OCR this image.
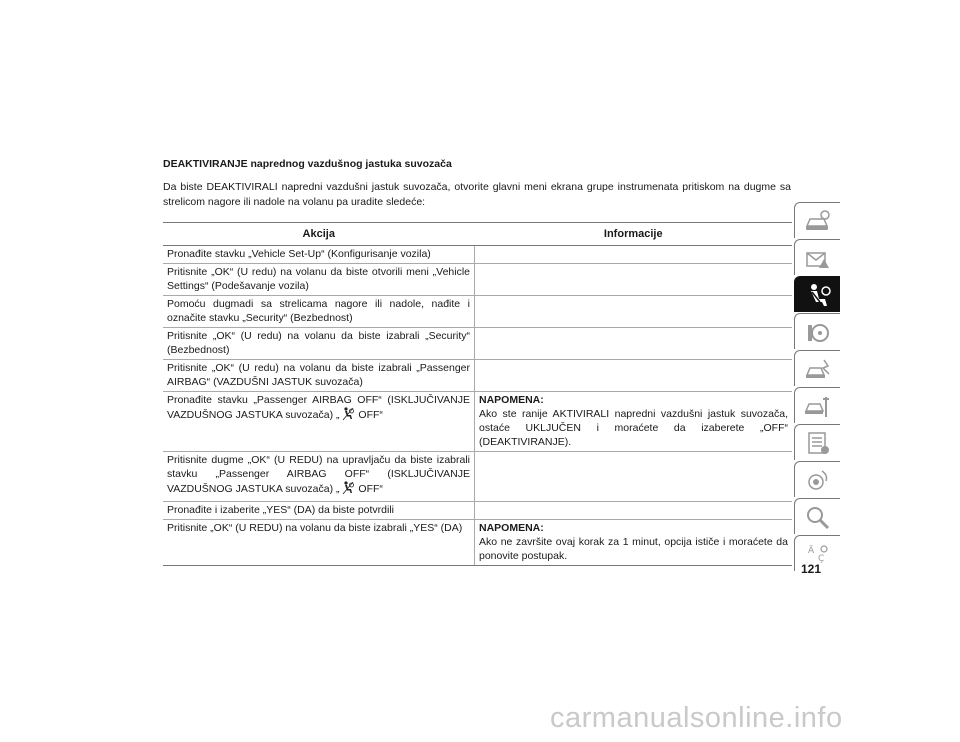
DEAKTIVIRANJE naprednog vazdušnog jastuka suvozača
Da biste DEAKTIVIRALI napredni vazdušni jastuk suvozača, otvorite glavni meni ekrana grupe instrumenata pritiskom na dugme sa strelicom nagore ili nadole na volanu pa uradite sledeće:
Akcija	Informacije
Pronađite stavku „Vehicle Set-Up“ (Konfigurisanje vozila)	
Pritisnite „OK“ (U redu) na volanu da biste otvorili meni „Vehicle Settings“ (Podešavanje vozila)	
Pomoću dugmadi sa strelicama nagore ili nadole, nađite i označite stavku „Security“ (Bezbednost)	
Pritisnite „OK“ (U redu) na volanu da biste izabrali „Security“ (Bezbednost)	
Pritisnite „OK“ (U redu) na volanu da biste izabrali „Passenger AIRBAG“ (VAZDUŠNI JASTUK suvozača)	
Pronađite stavku „Passenger AIRBAG OFF“ (ISKLJUČIVANJE VAZDUŠNOG JASTUKA suvozača) „ OFF“	NAPOMENA:
Ako ste ranije AKTIVIRALI napredni vazdušni jastuk suvozača, ostaće UKLJUČEN i moraćete da izaberete „OFF“ (DEAKTIVIRANJE).
Pritisnite dugme „OK“ (U REDU) na upravljaču da biste izabrali stavku „Passenger AIRBAG OFF“ (ISKLJUČIVANJE VAZDUŠNOG JASTUKA suvozača) „ OFF“	
Pronađite i izaberite „YES“ (DA) da biste potvrdili	
Pritisnite „OK“ (U REDU) na volanu da biste izabrali „YES“ (DA)	NAPOMENA:
Ako ne završite ovaj korak za 1 minut, opcija ističe i moraćete da ponovite postupak.	Ä
Ç
121
carmanualsonline.info
